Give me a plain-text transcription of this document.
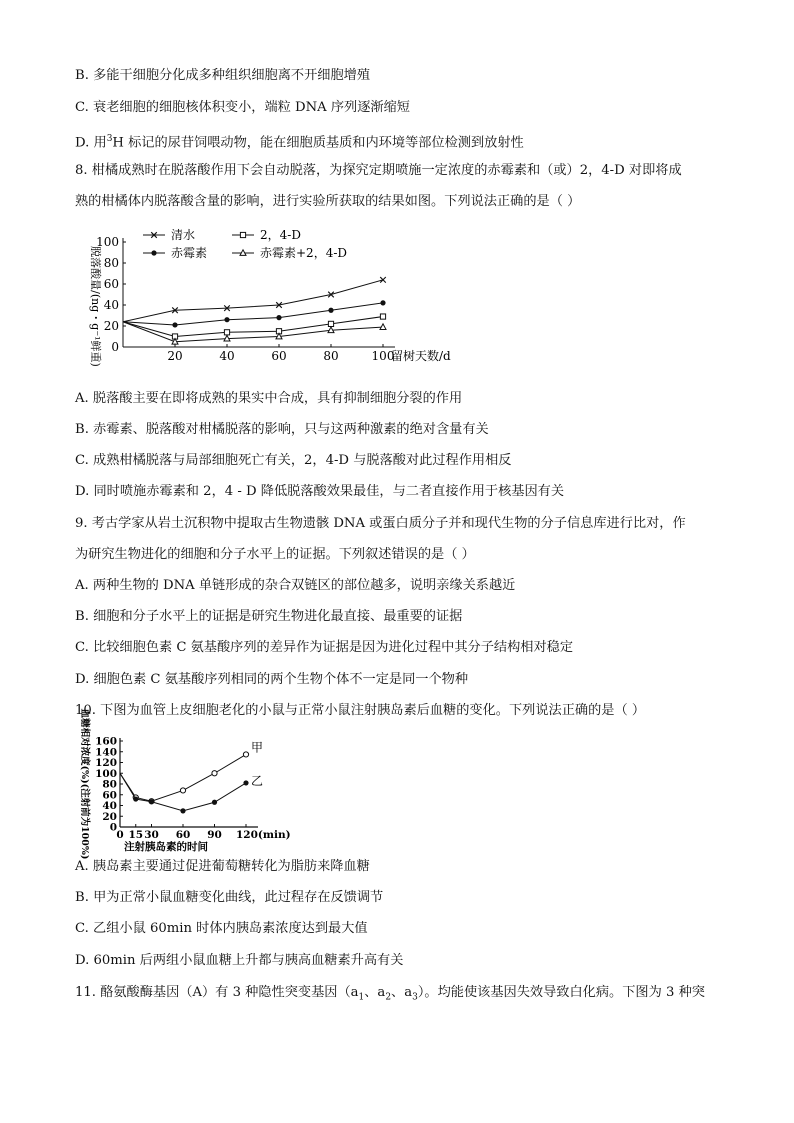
B. 多能干细胞分化成多种组织细胞离不开细胞增殖
C. 衰老细胞的细胞核体积变小，端粒 DNA 序列逐渐缩短
D. 用$^3$H 标记的尿苷饲喂动物，能在细胞质基质和内环境等部位检测到放射性
8. 柑橘成熟时在脱落酸作用下会自动脱落，为探究定期喷施一定浓度的赤霉素和（或）2，4-D 对即将成
熟的柑橘体内脱落酸含量的影响，进行实验所获取的结果如图。下列说法正确的是（ ）
0
20
40
60
80
100
20	40	60	80	100
留树天数/d
脱落酸量/(ng・g⁻¹鲜重)
清水	2，4-D
赤霉素	赤霉素+2，4-D
A. 脱落酸主要在即将成熟的果实中合成，具有抑制细胞分裂的作用
B. 赤霉素、脱落酸对柑橘脱落的影响，只与这两种激素的绝对含量有关
C. 成熟柑橘脱落与局部细胞死亡有关，2，4-D 与脱落酸对此过程作用相反
D. 同时喷施赤霉素和 2，4 - D 降低脱落酸效果最佳，与二者直接作用于核基因有关
9. 考古学家从岩土沉积物中提取古生物遗骸 DNA 或蛋白质分子并和现代生物的分子信息库进行比对，作
为研究生物进化的细胞和分子水平上的证据。下列叙述错误的是（ ）
A. 两种生物的 DNA 单链形成的杂合双链区的部位越多，说明亲缘关系越近
B. 细胞和分子水平上的证据是研究生物进化最直接、最重要的证据
C. 比较细胞色素 C 氨基酸序列的差异作为证据是因为进化过程中其分子结构相对稳定
D. 细胞色素 C 氨基酸序列相同的两个生物个体不一定是同一个物种
10. 下图为血管上皮细胞老化的小鼠与正常小鼠注射胰岛素后血糖的变化。下列说法正确的是（ ）
0
20
40
60
80
100
120
140
160
0 15 30 60 90 120(min)
注射胰岛素的时间
血糖相对浓度(%)(注射前为100%)	甲
乙
A. 胰岛素主要通过促进葡萄糖转化为脂肪来降血糖
B. 甲为正常小鼠血糖变化曲线，此过程存在反馈调节
C. 乙组小鼠 60min 时体内胰岛素浓度达到最大值
D. 60min 后两组小鼠血糖上升都与胰高血糖素升高有关
11. 酪氨酸酶基因（A）有 3 种隐性突变基因（$a_1$、$a_2$、$a_3$）。均能使该基因失效导致白化病。下图为 3 种突
